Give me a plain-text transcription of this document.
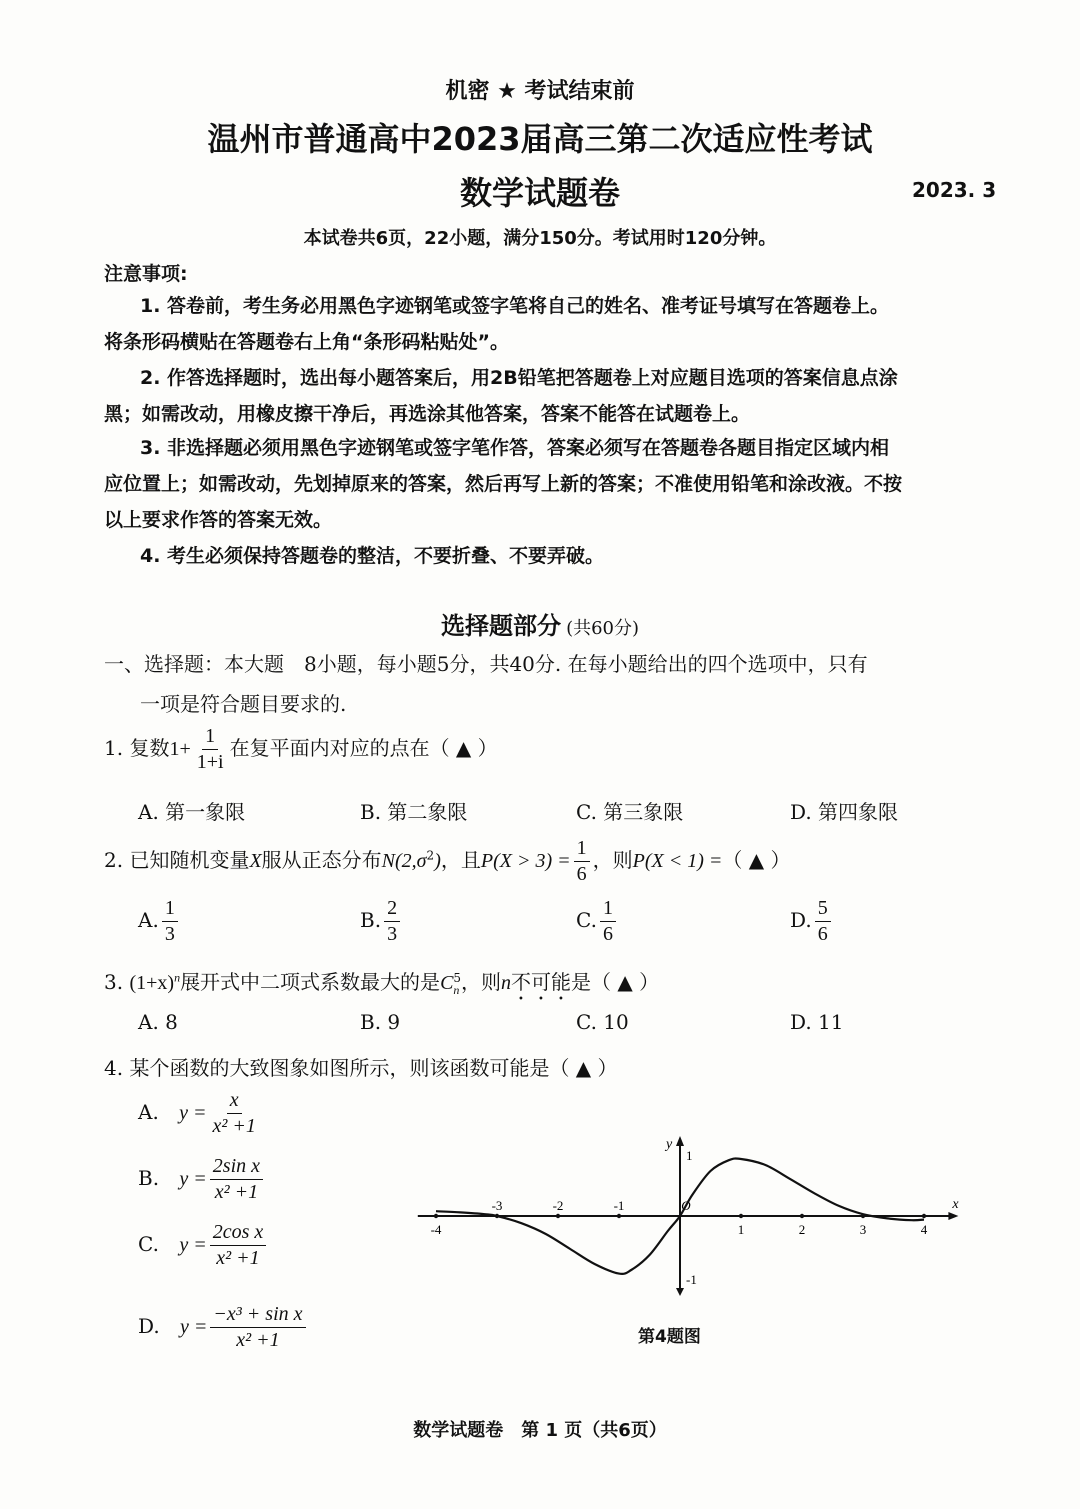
机密 ★ 考试结束前
温州市普通高中2023届高三第二次适应性考试
数学试题卷	2023. 3
本试卷共6页，22小题，满分150分。考试用时120分钟。
注意事项:
1. 答卷前，考生务必用黑色字迹钢笔或签字笔将自己的姓名、准考证号填写在答题卷上。
将条形码横贴在答题卷右上角“条形码粘贴处”。
2. 作答选择题时，选出每小题答案后，用2B铅笔把答题卷上对应题目选项的答案信息点涂
黑；如需改动，用橡皮擦干净后，再选涂其他答案，答案不能答在试题卷上。
3. 非选择题必须用黑色字迹钢笔或签字笔作答，答案必须写在答题卷各题目指定区域内相
应位置上；如需改动，先划掉原来的答案，然后再写上新的答案；不准使用铅笔和涂改液。不按
以上要求作答的答案无效。
4. 考生必须保持答题卷的整洁，不要折叠、不要弄破。
选择题部分 (共60分)
一、选择题：本大题　8小题，每小题5分，共40分. 在每小题给出的四个选项中，只有
一项是符合题目要求的.
1. 复数$1+ \frac{1}{1+i}$ 在复平面内对应的点在（ ▲ ）
A. 第一象限	B. 第二象限	C. 第三象限	D. 第四象限
2. 已知随机变量X服从正态分布$N(2,\sigma^2)$，且$P(X > 3) = \frac{1}{6}$ ，则P(X < 1) =（ ▲ ）
A. $\frac{1}{3}$	B. $\frac{2}{3}$	C. $\frac{1}{6}$	D. $\frac{5}{6}$
3. $(1+x)^n$展开式中二项式系数最大的是C 5
n ，则n不可能是（ ▲ ）
A. 8	B. 9	C. 10	D. 11
4. 某个函数的大致图象如图所示，则该函数可能是（ ▲ ）
A. $y = \frac{x}{\text{x² +1}}$
B. $y = \frac{\text{2sin x}}{\text{x² +1}}$
C. $y = \frac{\text{2cos x}}{\text{x² +1}}$
D. $y = \frac{\text{−x³ + sin x}}{\text{x² +1}}$
-4
-3	-2	-1	O
1	2	3	4
1
-1
x
y
第4题图
数学试题卷　第 1 页（共6页）
